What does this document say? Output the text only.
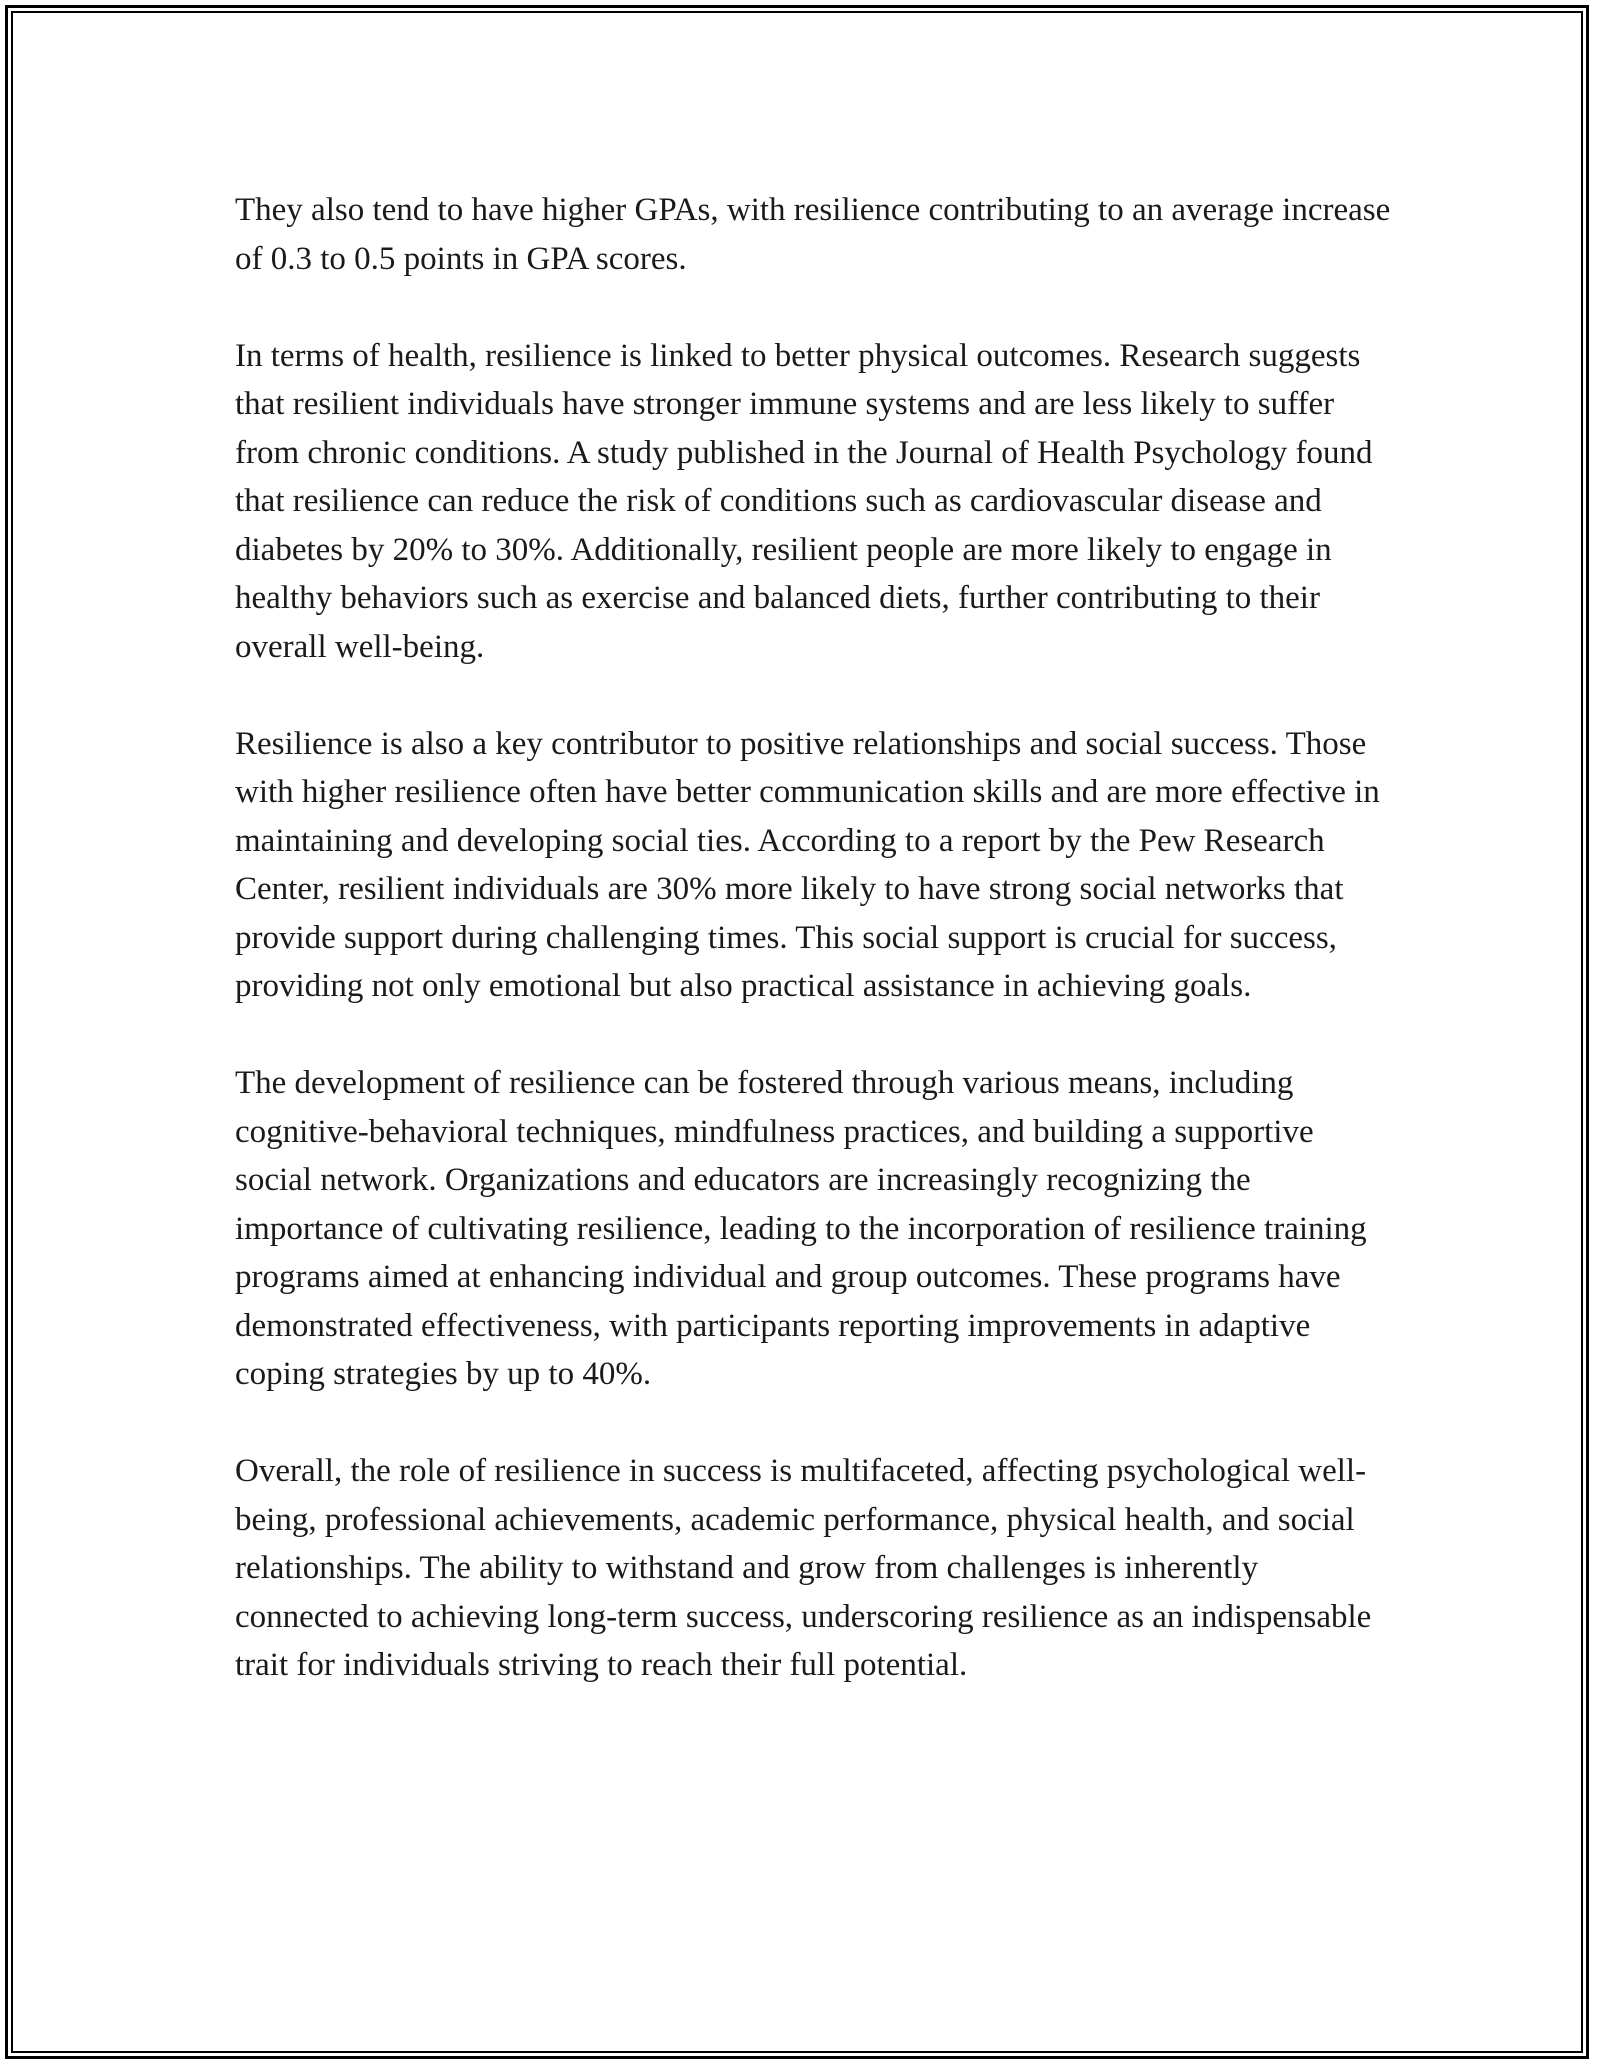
They also tend to have higher GPAs, with resilience contributing to an average increase of 0.3 to 0.5 points in GPA scores.

In terms of health, resilience is linked to better physical outcomes. Research suggests that resilient individuals have stronger immune systems and are less likely to suffer from chronic conditions. A study published in the Journal of Health Psychology found that resilience can reduce the risk of conditions such as cardiovascular disease and diabetes by 20% to 30%. Additionally, resilient people are more likely to engage in healthy behaviors such as exercise and balanced diets, further contributing to their overall well-being.

Resilience is also a key contributor to positive relationships and social success. Those with higher resilience often have better communication skills and are more effective in maintaining and developing social ties. According to a report by the Pew Research Center, resilient individuals are 30% more likely to have strong social networks that provide support during challenging times. This social support is crucial for success, providing not only emotional but also practical assistance in achieving goals.

The development of resilience can be fostered through various means, including cognitive-behavioral techniques, mindfulness practices, and building a supportive social network. Organizations and educators are increasingly recognizing the importance of cultivating resilience, leading to the incorporation of resilience training programs aimed at enhancing individual and group outcomes. These programs have demonstrated effectiveness, with participants reporting improvements in adaptive coping strategies by up to 40%.

Overall, the role of resilience in success is multifaceted, affecting psychological well-being, professional achievements, academic performance, physical health, and social relationships. The ability to withstand and grow from challenges is inherently connected to achieving long-term success, underscoring resilience as an indispensable trait for individuals striving to reach their full potential.
